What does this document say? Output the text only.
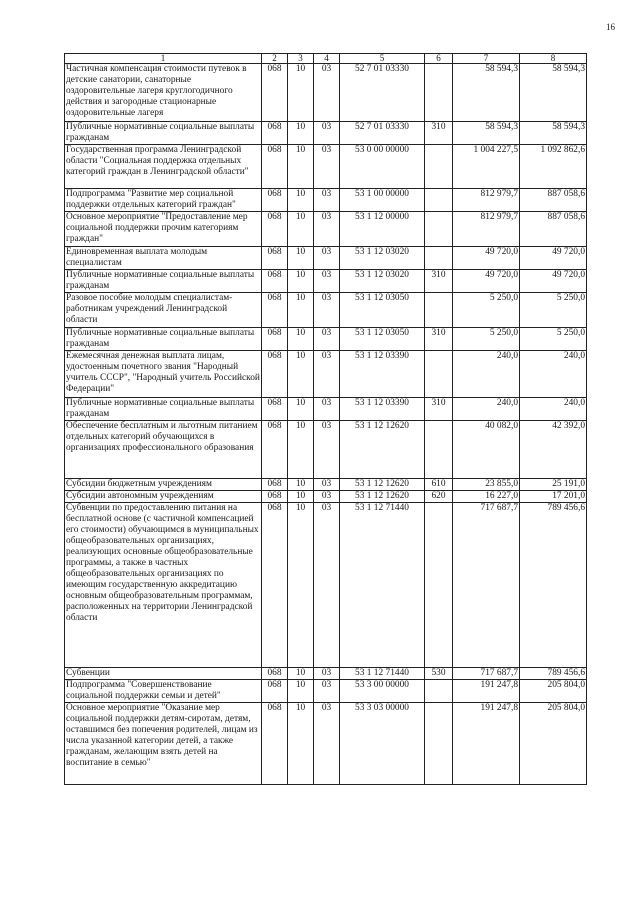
16
1	2	3	4	5	6	7	8
Частичная компенсация стоимости путевок в детские санатории, санаторные оздоровительные лагеря круглогодичного действия и загородные стационарные оздоровительные лагеря	068	10	03	52 7 01 03330		58 594,3	58 594,3
Публичные нормативные социальные выплаты гражданам	068	10	03	52 7 01 03330	310	58 594,3	58 594,3
Государственная программа Ленинградской области "Социальная поддержка отдельных категорий граждан в Ленинградской области"	068	10	03	53 0 00 00000		1 004 227,5	1 092 862,6
Подпрограмма "Развитие мер социальной поддержки отдельных категорий граждан"	068	10	03	53 1 00 00000		812 979,7	887 058,6
Основное мероприятие "Предоставление мер социальной поддержки прочим категориям граждан"	068	10	03	53 1 12 00000		812 979,7	887 058,6
Единовременная выплата молодым специалистам	068	10	03	53 1 12 03020		49 720,0	49 720,0
Публичные нормативные социальные выплаты гражданам	068	10	03	53 1 12 03020	310	49 720,0	49 720,0
Разовое пособие молодым специалистам-работникам учреждений Ленинградской области	068	10	03	53 1 12 03050		5 250,0	5 250,0
Публичные нормативные социальные выплаты гражданам	068	10	03	53 1 12 03050	310	5 250,0	5 250,0
Ежемесячная денежная выплата лицам, удостоенным почетного звания "Народный учитель СССР", "Народный учитель Российской Федерации"	068	10	03	53 1 12 03390		240,0	240,0
Публичные нормативные социальные выплаты гражданам	068	10	03	53 1 12 03390	310	240,0	240,0
Обеспечение бесплатным и льготным питанием отдельных категорий обучающихся в организациях профессионального образования	068	10	03	53 1 12 12620		40 082,0	42 392,0
Субсидии бюджетным учреждениям	068	10	03	53 1 12 12620	610	23 855,0	25 191,0
Субсидии автономным учреждениям	068	10	03	53 1 12 12620	620	16 227,0	17 201,0
Субвенции по предоставлению питания на бесплатной основе (с частичной компенсацией его стоимости) обучающимся в муниципальных общеобразовательных организациях, реализующих основные общеобразовательные программы, а также в частных общеобразовательных организациях по имеющим государственную аккредитацию основным общеобразовательным программам, расположенных на территории Ленинградской области	068	10	03	53 1 12 71440		717 687,7	789 456,6
Субвенции	068	10	03	53 1 12 71440	530	717 687,7	789 456,6
Подпрограмма "Совершенствование социальной поддержки семьи и детей"	068	10	03	53 3 00 00000		191 247,8	205 804,0
Основное мероприятие "Оказание мер социальной поддержки детям-сиротам, детям, оставшимся без попечения родителей, лицам из числа указанной категории детей, а также гражданам, желающим взять детей на воспитание в семью"	068	10	03	53 3 03 00000		191 247,8	205 804,0
